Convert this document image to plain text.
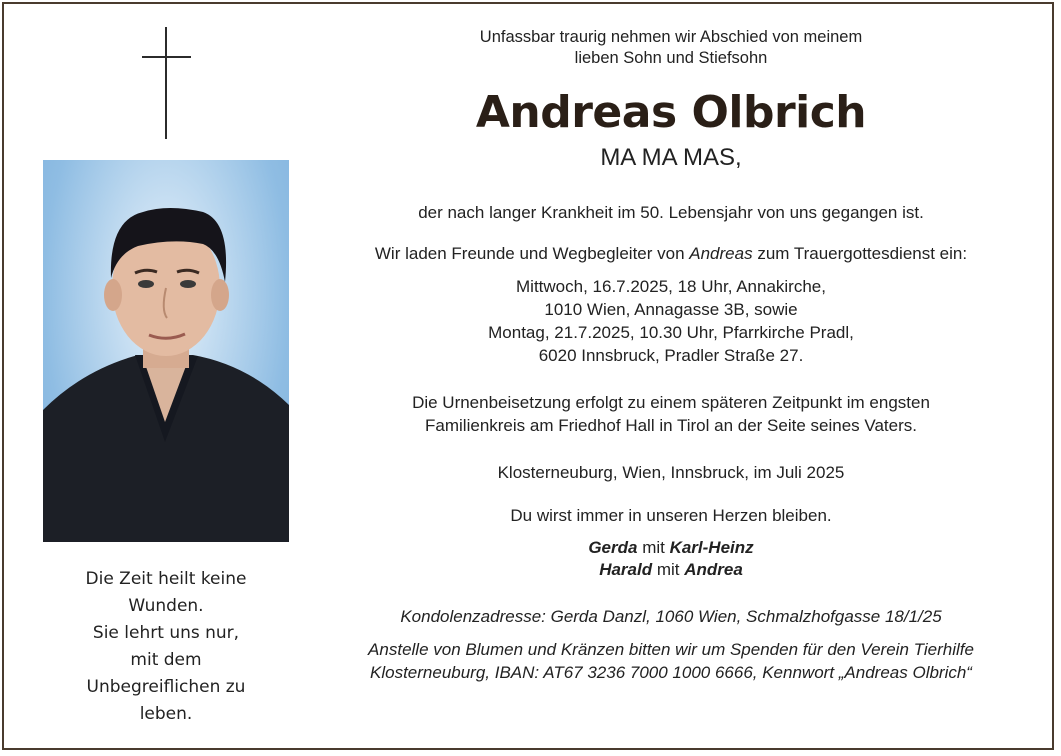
Die Zeit heilt keine
Wunden.
Sie lehrt uns nur,
mit dem
Unbegreiflichen zu
leben.
Unfassbar traurig nehmen wir Abschied von meinem
lieben Sohn und Stiefsohn
Andreas Olbrich
MA MA MAS,
der nach langer Krankheit im 50. Lebensjahr von uns gegangen ist.
Wir laden Freunde und Wegbegleiter von Andreas zum Trauergottesdienst ein:
Mittwoch, 16.7.2025, 18 Uhr, Annakirche,
1010 Wien, Annagasse 3B, sowie
Montag, 21.7.2025, 10.30 Uhr, Pfarrkirche Pradl,
6020 Innsbruck, Pradler Straße 27.
Die Urnenbeisetzung erfolgt zu einem späteren Zeitpunkt im engsten
Familienkreis am Friedhof Hall in Tirol an der Seite seines Vaters.
Klosterneuburg, Wien, Innsbruck, im Juli 2025
Du wirst immer in unseren Herzen bleiben.
Gerda mit Karl-Heinz
Harald mit Andrea
Kondolenzadresse: Gerda Danzl, 1060 Wien, Schmalzhofgasse 18/1/25
Anstelle von Blumen und Kränzen bitten wir um Spenden für den Verein Tierhilfe
Klosterneuburg, IBAN: AT67 3236 7000 1000 6666, Kennwort „Andreas Olbrich“
